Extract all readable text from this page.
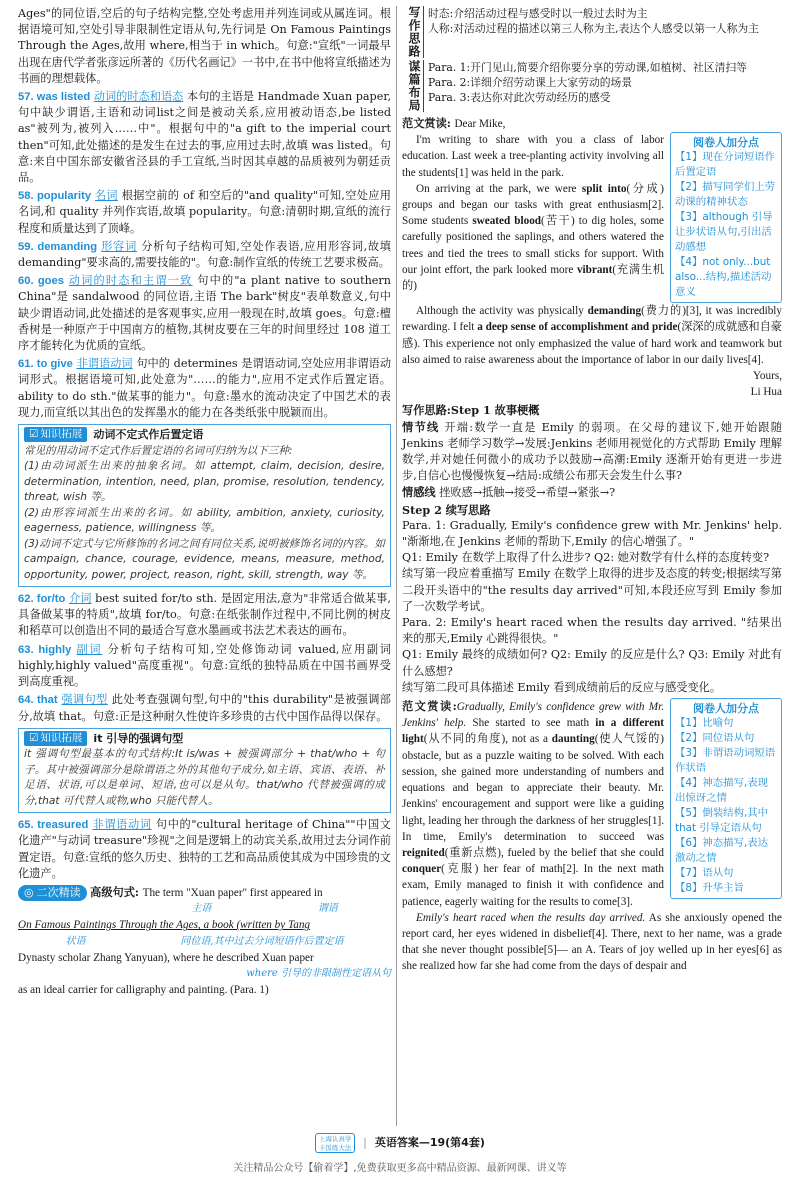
Ages"的同位语,空后的句子结构完整,空处考虑用并列连词或从属连词。根据语境可知,空处引导非限制性定语从句,先行词是 On Famous Paintings Through the Ages,故用 where,相当于 in which。句意:"宣纸"一词最早出现在唐代学者张彦远所著的《历代名画记》一书中,在书中他将宣纸描述为书画的理想载体。

57. was listed 动词的时态和语态 本句的主语是 Handmade Xuan paper,句中缺少谓语,主语和动词list之间是被动关系,应用被动语态,be listed as"被列为,被列入……中"。根据句中的"a gift to the imperial court then"可知,此处描述的是发生在过去的事,应用过去时,故填 was listed。句意:来自中国东部安徽省泾县的手工宣纸,当时因其卓越的品质被列为朝廷贡品。

58. popularity 名词 根据空前的 of 和空后的"and quality"可知,空处应用名词,和 quality 并列作宾语,故填 popularity。句意:清朝时期,宣纸的流行程度和质量达到了顶峰。

59. demanding 形容词 分析句子结构可知,空处作表语,应用形容词,故填 demanding"要求高的,需要技能的"。句意:制作宣纸的传统工艺要求极高。

60. goes 动词的时态和主谓一致 句中的"a plant native to southern China"是 sandalwood 的同位语,主语 The bark"树皮"表单数意义,句中缺少谓语动词,此处描述的是客观事实,应用一般现在时,故填 goes。句意:檀香树是一种原产于中国南方的植物,其树皮要在三年的时间里经过 108 道工序才能转化为优质的宣纸。

61. to give 非谓语动词 句中的 determines 是谓语动词,空处应用非谓语动词形式。根据语境可知,此处意为"……的能力",应用不定式作后置定语。ability to do sth."做某事的能力"。句意:墨水的流动决定了中国艺术的表现力,而宣纸以其出色的发挥墨水的能力在各类纸张中脱颖而出。

☑ 知识拓展 动词不定式作后置定语

常见的用动词不定式作后置定语的名词可归纳为以下三种:

(1)由动词派生出来的抽象名词。如 attempt, claim, decision, desire, determination, intention, need, plan, promise, resolution, tendency, threat, wish 等。

(2)由形容词派生出来的名词。如 ability, ambition, anxiety, curiosity, eagerness, patience, willingness 等。

(3)动词不定式与它所修饰的名词之间有同位关系,说明被修饰名词的内容。如 campaign, chance, courage, evidence, means, measure, method, opportunity, power, project, reason, right, skill, strength, way 等。

62. for/to 介词 best suited for/to sth. 是固定用法,意为"非常适合做某事,具备做某事的特质",故填 for/to。句意:在纸张制作过程中,不同比例的树皮和稻草可以创造出不同的最适合写意水墨画或书法艺术表达的画布。

63. highly 副词 分析句子结构可知,空处修饰动词 valued,应用副词 highly,highly valued"高度重视"。句意:宣纸的独特品质在中国书画界受到高度重视。

64. that 强调句型 此处考查强调句型,句中的"this durability"是被强调部分,故填 that。句意:正是这种耐久性使许多珍贵的古代中国作品得以保存。

☑ 知识拓展 it 引导的强调句型

it 强调句型最基本的句式结构:It is/was + 被强调部分 + that/who + 句子。其中被强调部分是除谓语之外的其他句子成分,如主语、宾语、表语、补足语、状语,可以是单词、短语,也可以是从句。that/who 代替被强调的成分,that 可代替人或物,who 只能代替人。

65. treasured 非谓语动词 句中的"cultural heritage of China""中国文化遗产"与动词 treasure"珍视"之间是逻辑上的动宾关系,故用过去分词作前置定语。句意:宣纸的悠久历史、独特的工艺和高品质使其成为中国珍贵的文化遗产。

◎ 二次精读 高级句式: The term "Xuan paper" first appeared in

主语	谓语

On Famous Paintings Through the Ages, a book (written by Tang

状语	同位语,其中过去分词短语作后置定语

Dynasty scholar Zhang Yanyuan), where he described Xuan paper

where 引导的非限制性定语从句

as an ideal carrier for calligraphy and painting. (Para. 1)

写作思路 时态:介绍活动过程与感受时以一般过去时为主

人称:对活动过程的描述以第三人称为主,表达个人感受以第一人称为主

谋篇布局 Para. 1:开门见山,简要介绍你要分享的劳动课,如植树、社区清扫等

Para. 2:详细介绍劳动课上大家劳动的场景

Para. 3:表达你对此次劳动经历的感受

范文赏读: Dear Mike,

I'm writing to share with you a class of labor education. Last week a tree-planting activity involving all the students[1] was held in the park.

On arriving at the park, we were split into(分成) groups and began our tasks with great enthusiasm[2]. Some students sweated blood(苦干) to dig holes, some carefully positioned the saplings, and others watered the trees and tied the trees to small sticks for support. With our joint effort, the park looked more vibrant(充满生机的)

阅卷人加分点
【1】现在分词短语作后置定语
【2】描写同学们上劳动课的精神状态
【3】although 引导让步状语从句,引出活动感想
【4】not only...but also...结构,描述活动意义

Although the activity was physically demanding(费力的)[3], it was incredibly rewarding. I felt a deep sense of accomplishment and pride(深深的成就感和自豪感). This experience not only emphasized the value of hard work and teamwork but also aimed to raise awareness about the importance of labor in our daily lives[4].

Yours,

Li Hua

写作思路:Step 1 故事梗概

情节线 开端:数学一直是 Emily 的弱项。在父母的建议下,她开始跟随 Jenkins 老师学习数学→发展:Jenkins 老师用视觉化的方式帮助 Emily 理解数学,并对她任何微小的成功予以鼓励→高潮:Emily 逐渐开始有更进一步进步,自信心也慢慢恢复→结局:成绩公布那天会发生什么事?

情感线 挫败感→抵触→接受→希望→紧张→?

Step 2 续写思路

Para. 1: Gradually, Emily's confidence grew with Mr. Jenkins' help. "渐渐地,在 Jenkins 老师的帮助下,Emily 的信心增强了。"

Q1: Emily 在数学上取得了什么进步? Q2: 她对数学有什么样的态度转变?

续写第一段应着重描写 Emily 在数学上取得的进步及态度的转变;根据续写第二段开头语中的"the results day arrived"可知,本段还应写到 Emily 参加了一次数学考试。

Para. 2: Emily's heart raced when the results day arrived. "结果出来的那天,Emily 心跳得很快。"

Q1: Emily 最终的成绩如何? Q2: Emily 的反应是什么? Q3: Emily 对此有什么感想?

续写第二段可具体描述 Emily 看到成绩前后的反应与感受变化。

范文赏读:Gradually, Emily's confidence grew with Mr. Jenkins' help. She started to see math in a different light(从不同的角度), not as a daunting(使人气馁的) obstacle, but as a puzzle waiting to be solved. With each session, she gained more understanding of numbers and equations and began to appreciate their beauty. Mr. Jenkins' encouragement and support were like a guiding light, leading her through the darkness of her struggles[1]. In time, Emily's determination to succeed was reignited(重新点燃), fueled by the belief that she could conquer(克服) her fear of math[2]. In the next math exam, Emily managed to finish it with confidence and patience, eagerly waiting for the results to come[3].

阅卷人加分点
【1】比喻句
【2】同位语从句
【3】非谓语动词短语作状语
【4】神态描写,表现出惊讶之情
【5】倒装结构,其中 that 引导定语从句
【6】神态描写,表达激动之情
【7】语从句
【8】升华主旨

Emily's heart raced when the results day arrived. As she anxiously opened the report card, her eyes widened in disbelief[4]. There, next to her name, was a grade that she never thought possible[5]— an A. Tears of joy welled up in her eyes[6] as she realized how far she had come from the days of despair and

上海认真学 卡饭练大法	| 英语答案—19(第4套)
关注精品公众号【偷着学】,免费获取更多高中精品资源、最新网课、讲义等
